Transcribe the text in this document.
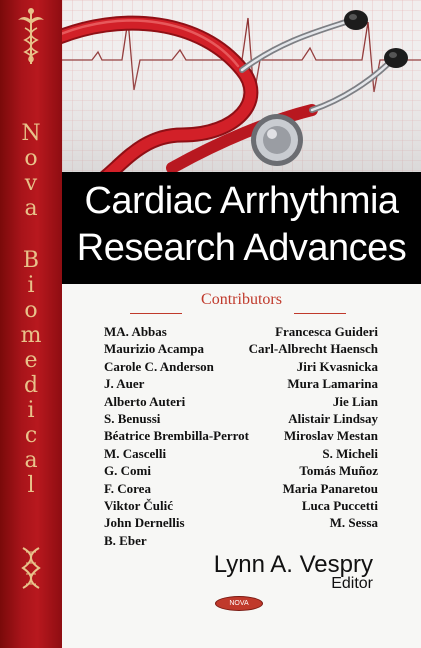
N
o
v
a
B
i
o
m
e
d
i
c
a
l
Cardiac Arrhythmia
Research Advances
Contributors
MA. Abbas
Maurizio Acampa
Carole C. Anderson
J. Auer
Alberto Auteri
S. Benussi
Béatrice Brembilla-Perrot
M. Cascelli
G. Comi
F. Corea
Viktor Čulić
John Dernellis
B. Eber
Francesca Guideri
Carl-Albrecht Haensch
Jiri Kvasnicka
Mura Lamarina
Jie Lian
Alistair Lindsay
Miroslav Mestan
S. Micheli
Tomás Muñoz
Maria Panaretou
Luca Puccetti
M. Sessa
Lynn A. Vespry
Editor
NOVA
